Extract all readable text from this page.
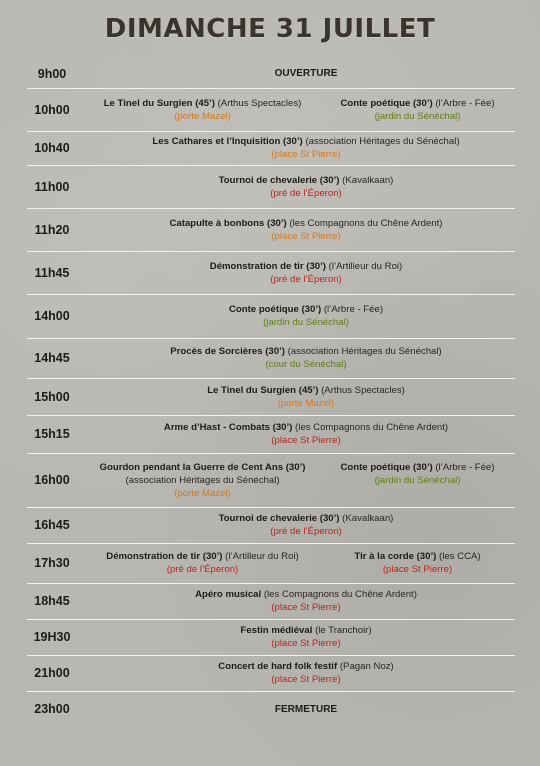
DIMANCHE 31 JUILLET
9h00	OUVERTURE
10h00	Le Tinel du Surgien (45’) (Arthus Spectacles)
(porte Mazel)
Conte poétique (30’) (l’Arbre - Fée)
(jardin du Sénéchal)
10h40	Les Cathares et l’Inquisition (30’) (association Héritages du Sénéchal)
(place St Pierre)
11h00	Tournoi de chevalerie (30’) (Kavalkaan)
(pré de l’Éperon)
11h20	Catapulte à bonbons (30’) (les Compagnons du Chêne Ardent)
(place St Pierre)
11h45	Démonstration de tir (30’) (l’Artilleur du Roi)
(pré de l’Éperon)
14h00	Conte poétique (30’) (l’Arbre - Fée)
(jardin du Sénéchal)
14h45	Procès de Sorcières (30’) (association Héritages du Sénéchal)
(cour du Sénéchal)
15h00	Le Tinel du Surgien (45’) (Arthus Spectacles)
(porte Mazel)
15h15	Arme d’Hast - Combats (30’) (les Compagnons du Chêne Ardent)
(place St Pierre)
16h00
Gourdon pendant la Guerre de Cent Ans (30’)
(association Héritages du Sénéchal)
(porte Mazel)
Conte poétique (30’) (l’Arbre - Fée)
(jardin du Sénéchal)
16h45	Tournoi de chevalerie (30’) (Kavalkaan)
(pré de l’Éperon)
17h30	Démonstration de tir (30’) (l’Artilleur du Roi)
(pré de l’Éperon)
Tir à la corde (30’) (les CCA)
(place St Pierre)
18h45	Apéro musical (les Compagnons du Chêne Ardent)
(place St Pierre)
19H30	Festin médiéval (le Tranchoir)
(place St Pierre)
21h00	Concert de hard folk festif (Pagan Noz)
(place St Pierre)
23h00	FERMETURE
